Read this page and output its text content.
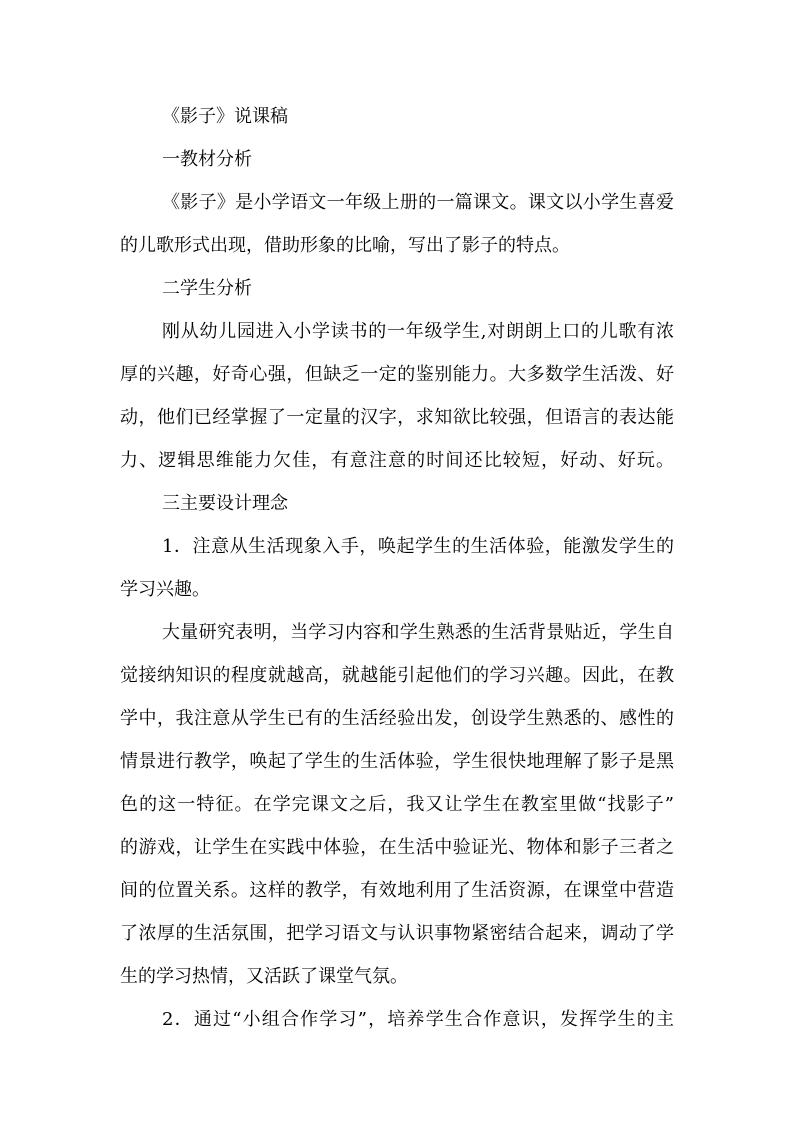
《影子》说课稿

一教材分析

《影子》是小学语文一年级上册的一篇课文。课文以小学生喜爱

的儿歌形式出现，借助形象的比喻，写出了影子的特点。

二学生分析

刚从幼儿园进入小学读书的一年级学生,对朗朗上口的儿歌有浓

厚的兴趣，好奇心强，但缺乏一定的鉴别能力。大多数学生活泼、好

动，他们已经掌握了一定量的汉字，求知欲比较强，但语言的表达能

力、逻辑思维能力欠佳，有意注意的时间还比较短，好动、好玩。

三主要设计理念

1．注意从生活现象入手，唤起学生的生活体验，能激发学生的

学习兴趣。

大量研究表明，当学习内容和学生熟悉的生活背景贴近，学生自

觉接纳知识的程度就越高，就越能引起他们的学习兴趣。因此，在教

学中，我注意从学生已有的生活经验出发，创设学生熟悉的、感性的

情景进行教学，唤起了学生的生活体验，学生很快地理解了影子是黑

色的这一特征。在学完课文之后，我又让学生在教室里做“找影子”

的游戏，让学生在实践中体验，在生活中验证光、物体和影子三者之

间的位置关系。这样的教学，有效地利用了生活资源，在课堂中营造

了浓厚的生活氛围，把学习语文与认识事物紧密结合起来，调动了学

生的学习热情，又活跃了课堂气氛。

2．通过“小组合作学习”，培养学生合作意识，发挥学生的主
